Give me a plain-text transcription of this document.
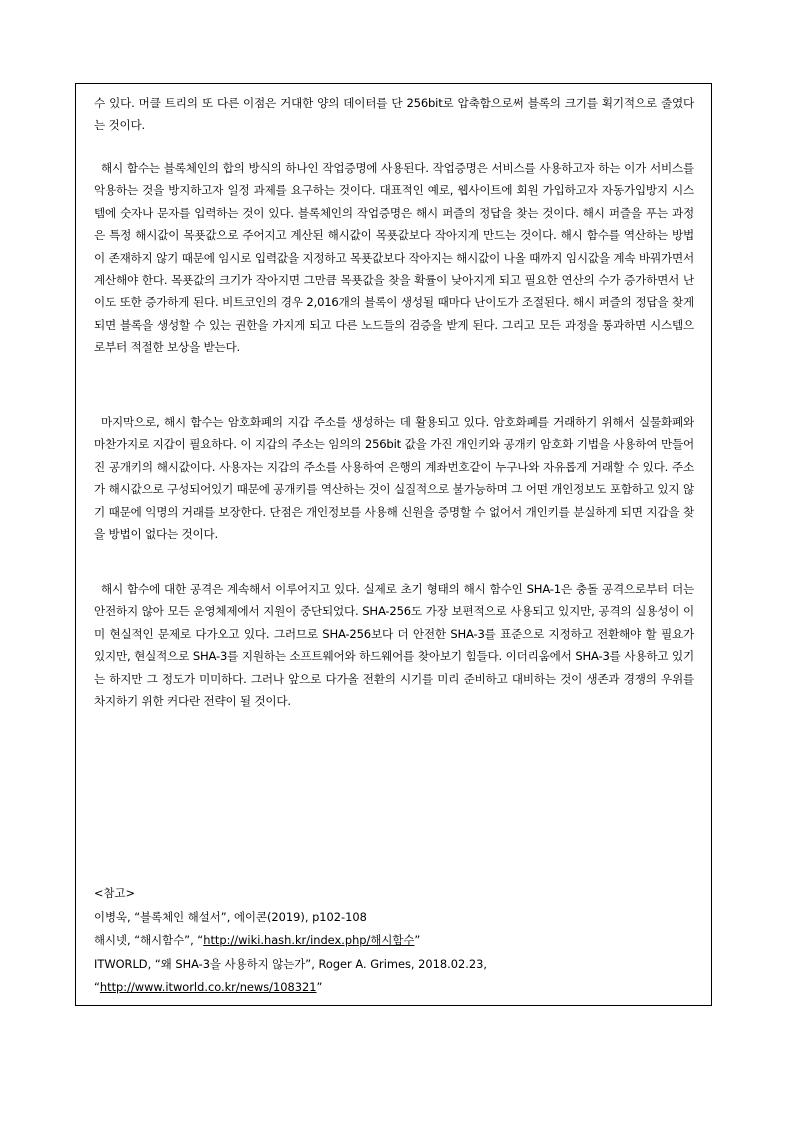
수 있다. 머클 트리의 또 다른 이점은 거대한 양의 데이터를 단 256bit로 압축함으로써 블록의 크기를 획기적으로 줄였다는 것이다.

해시 함수는 블록체인의 합의 방식의 하나인 작업증명에 사용된다. 작업증명은 서비스를 사용하고자 하는 이가 서비스를 악용하는 것을 방지하고자 일정 과제를 요구하는 것이다. 대표적인 예로, 웹사이트에 회원 가입하고자 자동가입방지 시스템에 숫자나 문자를 입력하는 것이 있다. 블록체인의 작업증명은 해시 퍼즐의 정답을 찾는 것이다. 해시 퍼즐을 푸는 과정은 특정 해시값이 목푯값으로 주어지고 계산된 해시값이 목푯값보다 작아지게 만드는 것이다. 해시 함수를 역산하는 방법이 존재하지 않기 때문에 임시로 입력값을 지정하고 목푯값보다 작아지는 해시값이 나올 때까지 임시값을 계속 바꿔가면서 계산해야 한다. 목푯값의 크기가 작아지면 그만큼 목푯값을 찾을 확률이 낮아지게 되고 필요한 연산의 수가 증가하면서 난이도 또한 증가하게 된다. 비트코인의 경우 2,016개의 블록이 생성될 때마다 난이도가 조절된다. 해시 퍼즐의 정답을 찾게 되면 블록을 생성할 수 있는 권한을 가지게 되고 다른 노드들의 검증을 받게 된다. 그리고 모든 과정을 통과하면 시스템으로부터 적절한 보상을 받는다.

마지막으로, 해시 함수는 암호화폐의 지갑 주소를 생성하는 데 활용되고 있다. 암호화폐를 거래하기 위해서 실물화폐와 마찬가지로 지갑이 필요하다. 이 지갑의 주소는 임의의 256bit 값을 가진 개인키와 공개키 암호화 기법을 사용하여 만들어진 공개키의 해시값이다. 사용자는 지갑의 주소를 사용하여 은행의 계좌번호같이 누구나와 자유롭게 거래할 수 있다. 주소가 해시값으로 구성되어있기 때문에 공개키를 역산하는 것이 실질적으로 불가능하며 그 어떤 개인정보도 포함하고 있지 않기 때문에 익명의 거래를 보장한다. 단점은 개인정보를 사용해 신원을 증명할 수 없어서 개인키를 분실하게 되면 지갑을 찾을 방법이 없다는 것이다.

해시 함수에 대한 공격은 계속해서 이루어지고 있다. 실제로 초기 형태의 해시 함수인 SHA-1은 충돌 공격으로부터 더는 안전하지 않아 모든 운영체제에서 지원이 중단되었다. SHA-256도 가장 보편적으로 사용되고 있지만, 공격의 실용성이 이미 현실적인 문제로 다가오고 있다. 그러므로 SHA-256보다 더 안전한 SHA-3를 표준으로 지정하고 전환해야 할 필요가 있지만, 현실적으로 SHA-3를 지원하는 소프트웨어와 하드웨어를 찾아보기 힘들다. 이더리움에서 SHA-3를 사용하고 있기는 하지만 그 정도가 미미하다. 그러나 앞으로 다가올 전환의 시기를 미리 준비하고 대비하는 것이 생존과 경쟁의 우위를 차지하기 위한 커다란 전략이 될 것이다.

<참고>
이병욱, “블록체인 해설서”, 에이콘(2019), p102-108
해시넷, “해시함수”, “http://wiki.hash.kr/index.php/해시함수”
ITWORLD, “왜 SHA-3을 사용하지 않는가”, Roger A. Grimes, 2018.02.23,
“http://www.itworld.co.kr/news/108321”
